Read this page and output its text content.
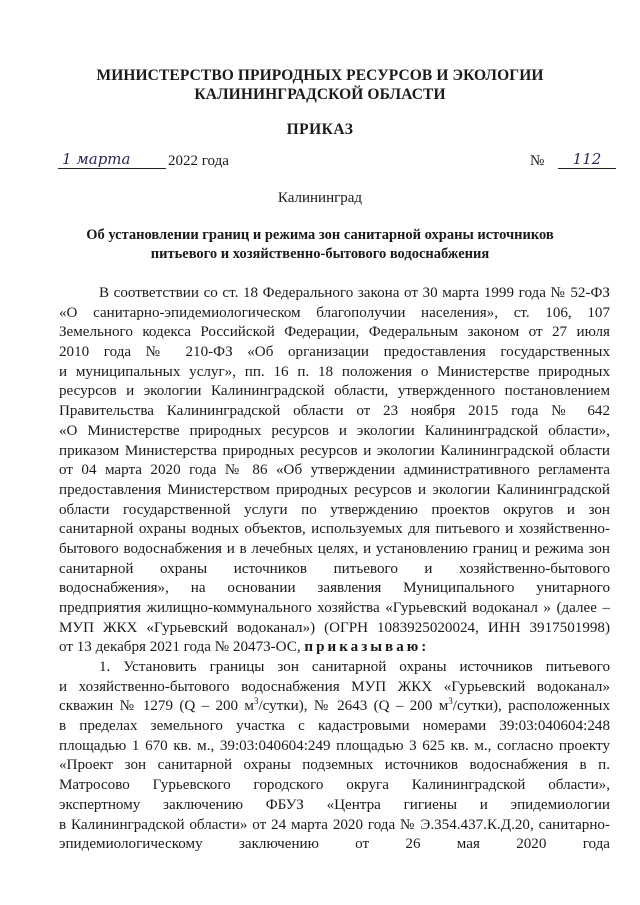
МИНИСТЕРСТВО ПРИРОДНЫХ РЕСУРСОВ И ЭКОЛОГИИ
КАЛИНИНГРАДСКОЙ ОБЛАСТИ
ПРИКАЗ
1 марта	2022 года	№	112
Калининград
Об установлении границ и режима зон санитарной охраны источников
питьевого и хозяйственно-бытового водоснабжения
В соответствии со ст. 18 Федерального закона от 30 марта 1999 года № 52-ФЗ
«О санитарно-эпидемиологическом благополучии населения», ст. 106, 107
Земельного кодекса Российской Федерации, Федеральным законом от 27 июля
2010 года № 210-ФЗ «Об организации предоставления государственных
и муниципальных услуг», пп. 16 п. 18 положения о Министерстве природных
ресурсов и экологии Калининградской области, утвержденного постановлением
Правительства Калининградской области от 23 ноября 2015 года № 642
«О Министерстве природных ресурсов и экологии Калининградской области»,
приказом Министерства природных ресурсов и экологии Калининградской области
от 04 марта 2020 года № 86 «Об утверждении административного регламента
предоставления Министерством природных ресурсов и экологии Калининградской
области государственной услуги по утверждению проектов округов и зон
санитарной охраны водных объектов, используемых для питьевого и хозяйственно-
бытового водоснабжения и в лечебных целях, и установлению границ и режима зон
санитарной охраны источников питьевого и хозяйственно-бытового
водоснабжения», на основании заявления Муниципального унитарного
предприятия жилищно-коммунального хозяйства «Гурьевский водоканал » (далее –
МУП ЖКХ «Гурьевский водоканал») (ОГРН 1083925020024, ИНН 3917501998)
от 13 декабря 2021 года № 20473-ОС, приказываю:
1. Установить границы зон санитарной охраны источников питьевого
и хозяйственно-бытового водоснабжения МУП ЖКХ «Гурьевский водоканал»
скважин № 1279 (Q – 200 $м^3/сутки$), № 2643 (Q – 200 $м^3/сутки$), расположенных
в пределах земельного участка с кадастровыми номерами 39:03:040604:248
площадью 1 670 кв. м., 39:03:040604:249 площадью 3 625 кв. м., согласно проекту
«Проект зон санитарной охраны подземных источников водоснабжения в п.
Матросово Гурьевского городского округа Калининградской области»,
экспертному заключению ФБУЗ «Центра гигиены и эпидемиологии
в Калининградской области» от 24 марта 2020 года № Э.354.437.К.Д.20, санитарно-
эпидемиологическому заключению от 26 мая 2020 года
